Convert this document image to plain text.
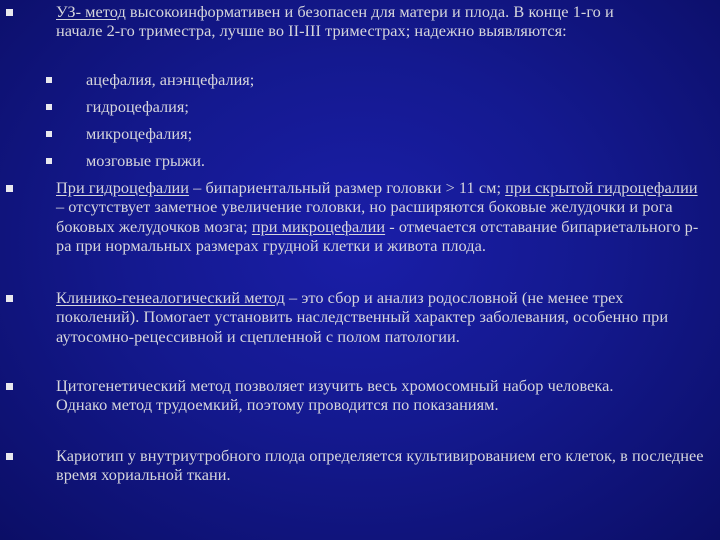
УЗ- метод высокоинформативен и безопасен для матери и плода. В конце 1-го и начале 2-го триместра, лучше во II-III триместрах; надежно выявляются:
ацефалия, анэнцефалия;
гидроцефалия;
микроцефалия;
мозговые грыжи.
При гидроцефалии – бипариентальный размер головки > 11 см; при скрытой гидроцефалии – отсутствует заметное увеличение головки, но расширяются боковые желудочки и рога боковых желудочков мозга; при микроцефалии - отмечается отставание бипариетального р-ра при нормальных размерах грудной клетки и живота плода.
Клинико-генеалогический метод – это сбор и анализ родословной (не менее трех поколений). Помогает установить наследственный характер заболевания, особенно при аутосомно-рецессивной и сцепленной с полом патологии.
Цитогенетический метод позволяет изучить весь хромосомный набор человека. Однако метод трудоемкий, поэтому проводится по показаниям.
Кариотип у внутриутробного плода определяется культивированием его клеток, в последнее время хориальной ткани.
